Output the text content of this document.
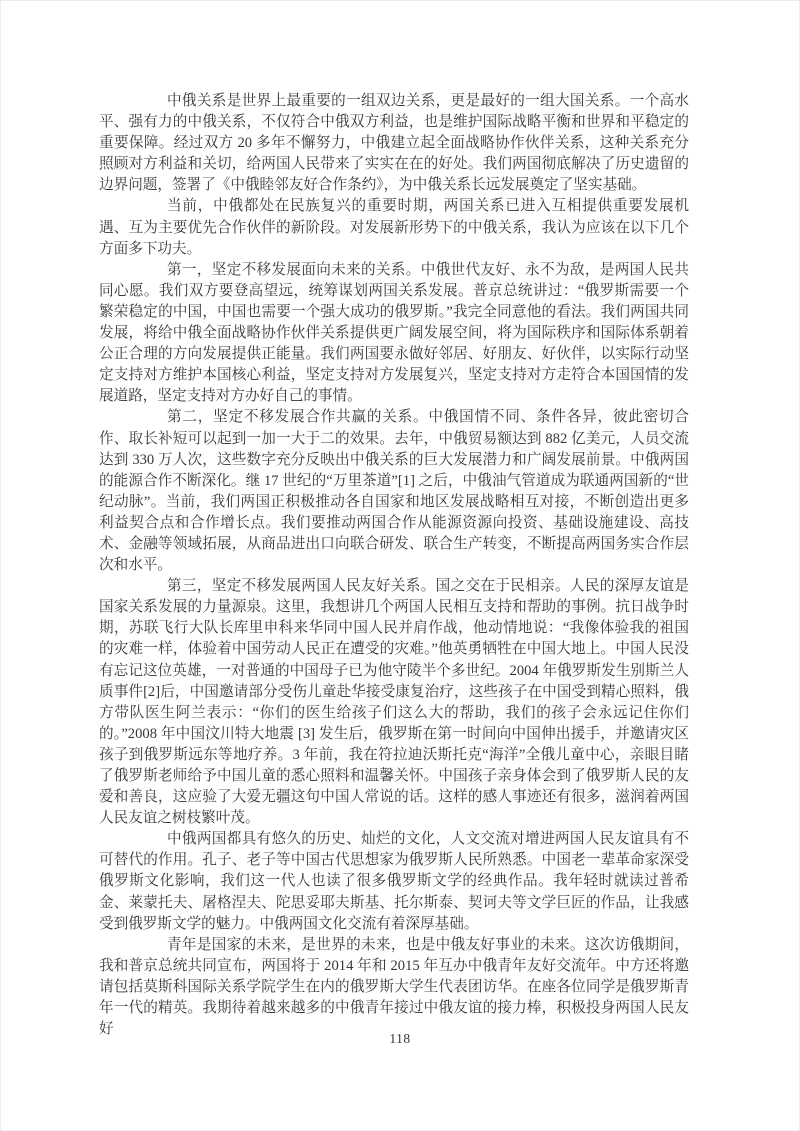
中俄关系是世界上最重要的一组双边关系，更是最好的一组大国关系。一个高水平、强有力的中俄关系，不仅符合中俄双方利益，也是维护国际战略平衡和世界和平稳定的重要保障。经过双方 20 多年不懈努力，中俄建立起全面战略协作伙伴关系，这种关系充分照顾对方利益和关切，给两国人民带来了实实在在的好处。我们两国彻底解决了历史遗留的边界问题，签署了《中俄睦邻友好合作条约》，为中俄关系长远发展奠定了坚实基础。

当前，中俄都处在民族复兴的重要时期，两国关系已进入互相提供重要发展机遇、互为主要优先合作伙伴的新阶段。对发展新形势下的中俄关系，我认为应该在以下几个方面多下功夫。

第一，坚定不移发展面向未来的关系。中俄世代友好、永不为敌，是两国人民共同心愿。我们双方要登高望远，统筹谋划两国关系发展。普京总统讲过：“俄罗斯需要一个繁荣稳定的中国，中国也需要一个强大成功的俄罗斯。”我完全同意他的看法。我们两国共同发展，将给中俄全面战略协作伙伴关系提供更广阔发展空间，将为国际秩序和国际体系朝着公正合理的方向发展提供正能量。我们两国要永做好邻居、好朋友、好伙伴，以实际行动坚定支持对方维护本国核心利益，坚定支持对方发展复兴，坚定支持对方走符合本国国情的发展道路，坚定支持对方办好自己的事情。

第二，坚定不移发展合作共赢的关系。中俄国情不同、条件各异，彼此密切合作、取长补短可以起到一加一大于二的效果。去年，中俄贸易额达到 882 亿美元，人员交流达到 330 万人次，这些数字充分反映出中俄关系的巨大发展潜力和广阔发展前景。中俄两国的能源合作不断深化。继 17 世纪的“万里茶道”[1] 之后，中俄油气管道成为联通两国新的“世纪动脉”。当前，我们两国正积极推动各自国家和地区发展战略相互对接，不断创造出更多利益契合点和合作增长点。我们要推动两国合作从能源资源向投资、基础设施建设、高技术、金融等领域拓展，从商品进出口向联合研发、联合生产转变，不断提高两国务实合作层次和水平。

第三，坚定不移发展两国人民友好关系。国之交在于民相亲。人民的深厚友谊是国家关系发展的力量源泉。这里，我想讲几个两国人民相互支持和帮助的事例。抗日战争时期，苏联飞行大队长库里申科来华同中国人民并肩作战，他动情地说：“我像体验我的祖国的灾难一样，体验着中国劳动人民正在遭受的灾难。”他英勇牺牲在中国大地上。中国人民没有忘记这位英雄，一对普通的中国母子已为他守陵半个多世纪。2004 年俄罗斯发生别斯兰人质事件[2]后，中国邀请部分受伤儿童赴华接受康复治疗，这些孩子在中国受到精心照料，俄方带队医生阿兰表示：“你们的医生给孩子们这么大的帮助，我们的孩子会永远记住你们的。”2008 年中国汶川特大地震 [3] 发生后，俄罗斯在第一时间向中国伸出援手，并邀请灾区孩子到俄罗斯远东等地疗养。3 年前，我在符拉迪沃斯托克“海洋”全俄儿童中心，亲眼目睹了俄罗斯老师给予中国儿童的悉心照料和温馨关怀。中国孩子亲身体会到了俄罗斯人民的友爱和善良，这应验了大爱无疆这句中国人常说的话。这样的感人事迹还有很多，滋润着两国人民友谊之树枝繁叶茂。

中俄两国都具有悠久的历史、灿烂的文化，人文交流对增进两国人民友谊具有不可替代的作用。孔子、老子等中国古代思想家为俄罗斯人民所熟悉。中国老一辈革命家深受俄罗斯文化影响，我们这一代人也读了很多俄罗斯文学的经典作品。我年轻时就读过普希金、莱蒙托夫、屠格涅夫、陀思妥耶夫斯基、托尔斯泰、契诃夫等文学巨匠的作品，让我感受到俄罗斯文学的魅力。中俄两国文化交流有着深厚基础。

青年是国家的未来，是世界的未来，也是中俄友好事业的未来。这次访俄期间，我和普京总统共同宣布，两国将于 2014 年和 2015 年互办中俄青年友好交流年。中方还将邀请包括莫斯科国际关系学院学生在内的俄罗斯大学生代表团访华。在座各位同学是俄罗斯青年一代的精英。我期待着越来越多的中俄青年接过中俄友谊的接力棒，积极投身两国人民友好

118
